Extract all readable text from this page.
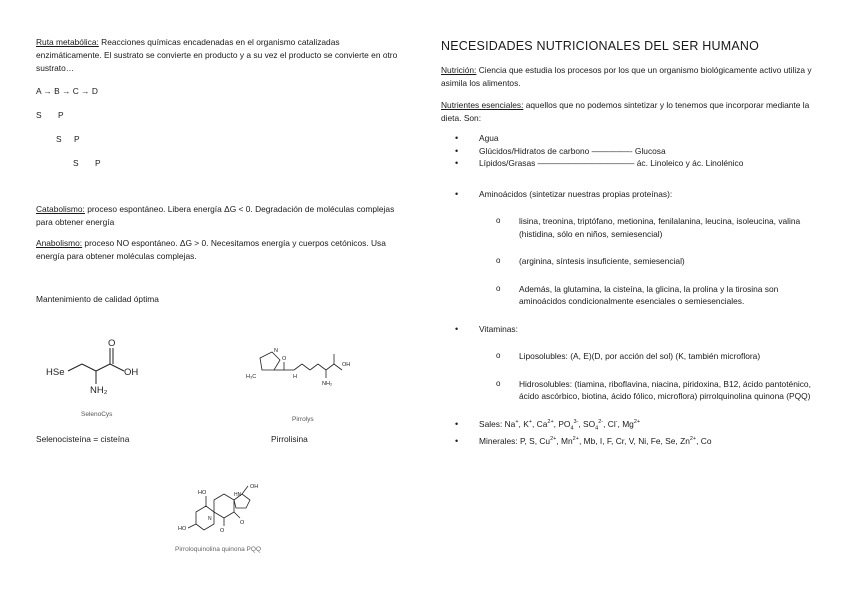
Ruta metabólica: Reacciones químicas encadenadas en el organismo catalizadas enzimáticamente. El sustrato se convierte en producto y a su vez el producto se convierte en otro sustrato…

A → B → C → D
S P
S P
S P

Catabolismo: proceso espontáneo. Libera energía ΔG < 0. Degradación de moléculas complejas para obtener energía

Anabolismo: proceso NO espontáneo. ΔG > 0. Necesitamos energía y cuerpos cetónicos. Usa energía para obtener moléculas complejas.

Mantenimiento de calidad óptima

HSe
O
OH
NH₂
SelenoCys
Selenocisteína = cisteína
N
H₃C
O
H
OH
NH₂
Pirrolys
Pirrolisina
HO
OH
HO	O
O
HN
N
Pirroloquinolina quinona PQQ
NECESIDADES NUTRICIONALES DEL SER HUMANO

Nutrición: Ciencia que estudia los procesos por los que un organismo biológicamente activo utiliza y asimila los alimentos.

Nutrientes esenciales: aquellos que no podemos sintetizar y lo tenemos que incorporar mediante la dieta. Son:

• Agua
• Glúcidos/Hidratos de carbono ————–- Glucosa
• Lípidos/Grasas ———————————– ác. Linoleico y ác. Linolénico
• Aminoácidos (sintetizar nuestras propias proteínas):
o lisina, treonina, triptófano, metionina, fenilalanina, leucina, isoleucina, valina (histidina, sólo en niños, semiesencial)
o (arginina, síntesis insuficiente, semiesencial)
o Además, la glutamina, la cisteína, la glicina, la prolina y la tirosina son aminoácidos condicionalmente esenciales o semiesenciales.
• Vitaminas:
o Liposolubles: (A, E)(D, por acción del sol) (K, también microflora)
o Hidrosolubles: (tiamina, riboflavina, niacina, piridoxina, B12, ácido pantoténico, ácido ascórbico, biotina, ácido fólico, microflora) pirrolquinolina quinona (PQQ)
• Sales: Na+, K+, $Ca^{2+}$, $PO_4^{3-}$, $SO_4^{2-}$, Cl-, $Mg^{2+}$
• Minerales: P, S, $Cu^{2+}$, $Mn^{2+}$, Mb, I, F, Cr, V, Ni, Fe, Se, $Zn^{2+}$, Co
